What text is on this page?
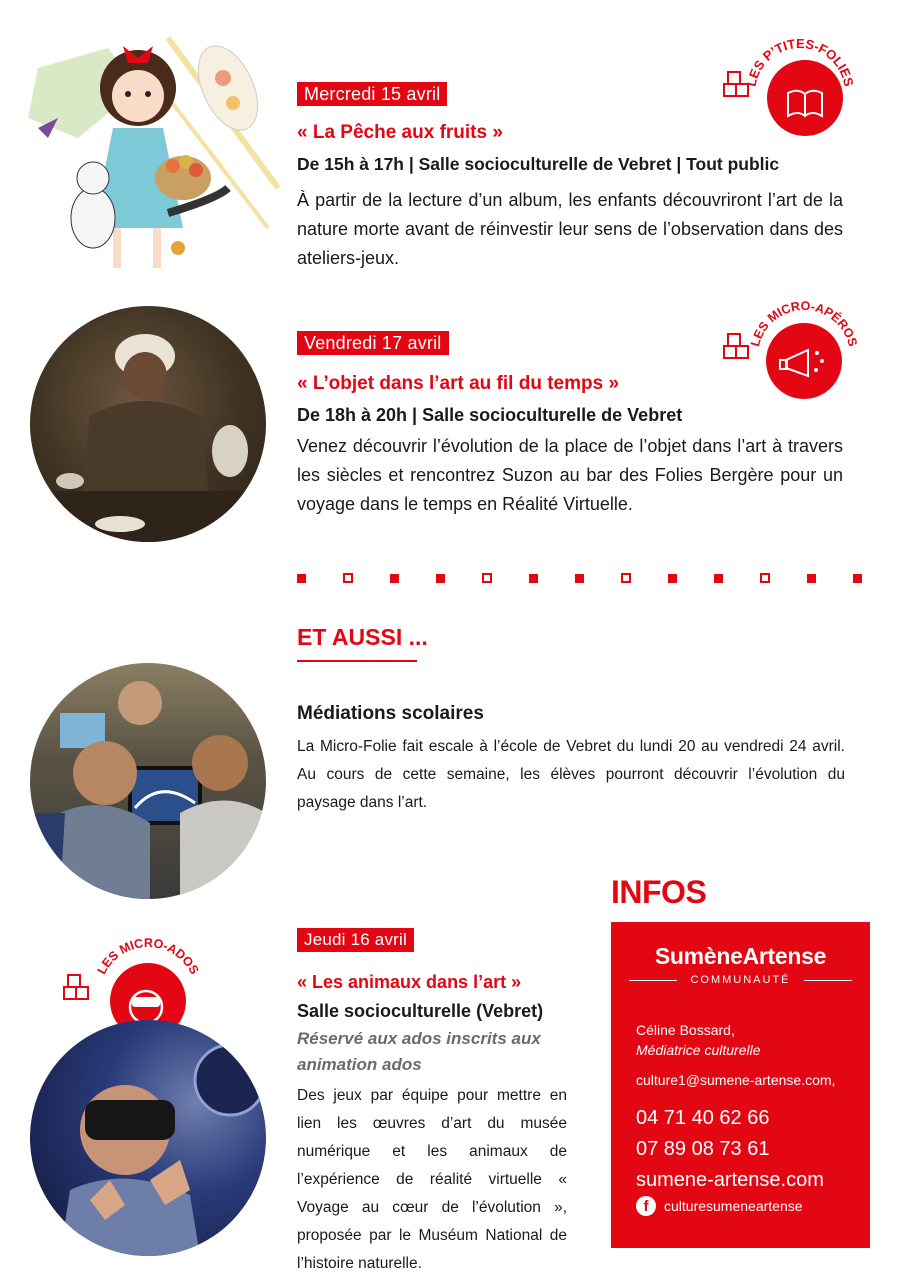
Mercredi 15 avril
« La Pêche aux fruits »
De 15h à 17h | Salle socioculturelle de Vebret | Tout public
À partir de la lecture d’un album, les enfants découvriront l’art de la nature morte avant de réinvestir leur sens de l’observation dans des ateliers-jeux.
LES P’TITES-FOLIES
Vendredi 17 avril
« L’objet dans l’art au fil du temps »
De 18h à 20h | Salle socioculturelle de Vebret
Venez découvrir l’évolution de la place de l’objet dans l’art à travers les siècles et rencontrez Suzon au bar des Folies Bergère pour un voyage dans le temps en Réalité Virtuelle.
LES MICRO-APÉROS
ET AUSSI ...
Médiations scolaires
La Micro-Folie fait escale à l’école de Vebret du lundi 20 au vendredi 24 avril. Au cours de cette semaine, les élèves pourront découvrir l’évolution du paysage dans l’art.
INFOS
SumèneArtense
COMMUNAUTÉ
Céline Bossard,
Médiatrice culturelle
culture1@sumene-artense.com,
04 71 40 62 66
07 89 08 73 61
sumene-artense.com
f	culturesumeneartense
LES MICRO-ADOS
Jeudi 16 avril
« Les animaux dans l’art »
Salle socioculturelle (Vebret)
Réservé aux ados inscrits aux animation ados
Des jeux par équipe pour mettre en lien les œuvres d’art du musée numérique et les animaux de l’expérience de réalité virtuelle « Voyage au cœur de l’évolution », proposée par le Muséum National de l’histoire naturelle.
